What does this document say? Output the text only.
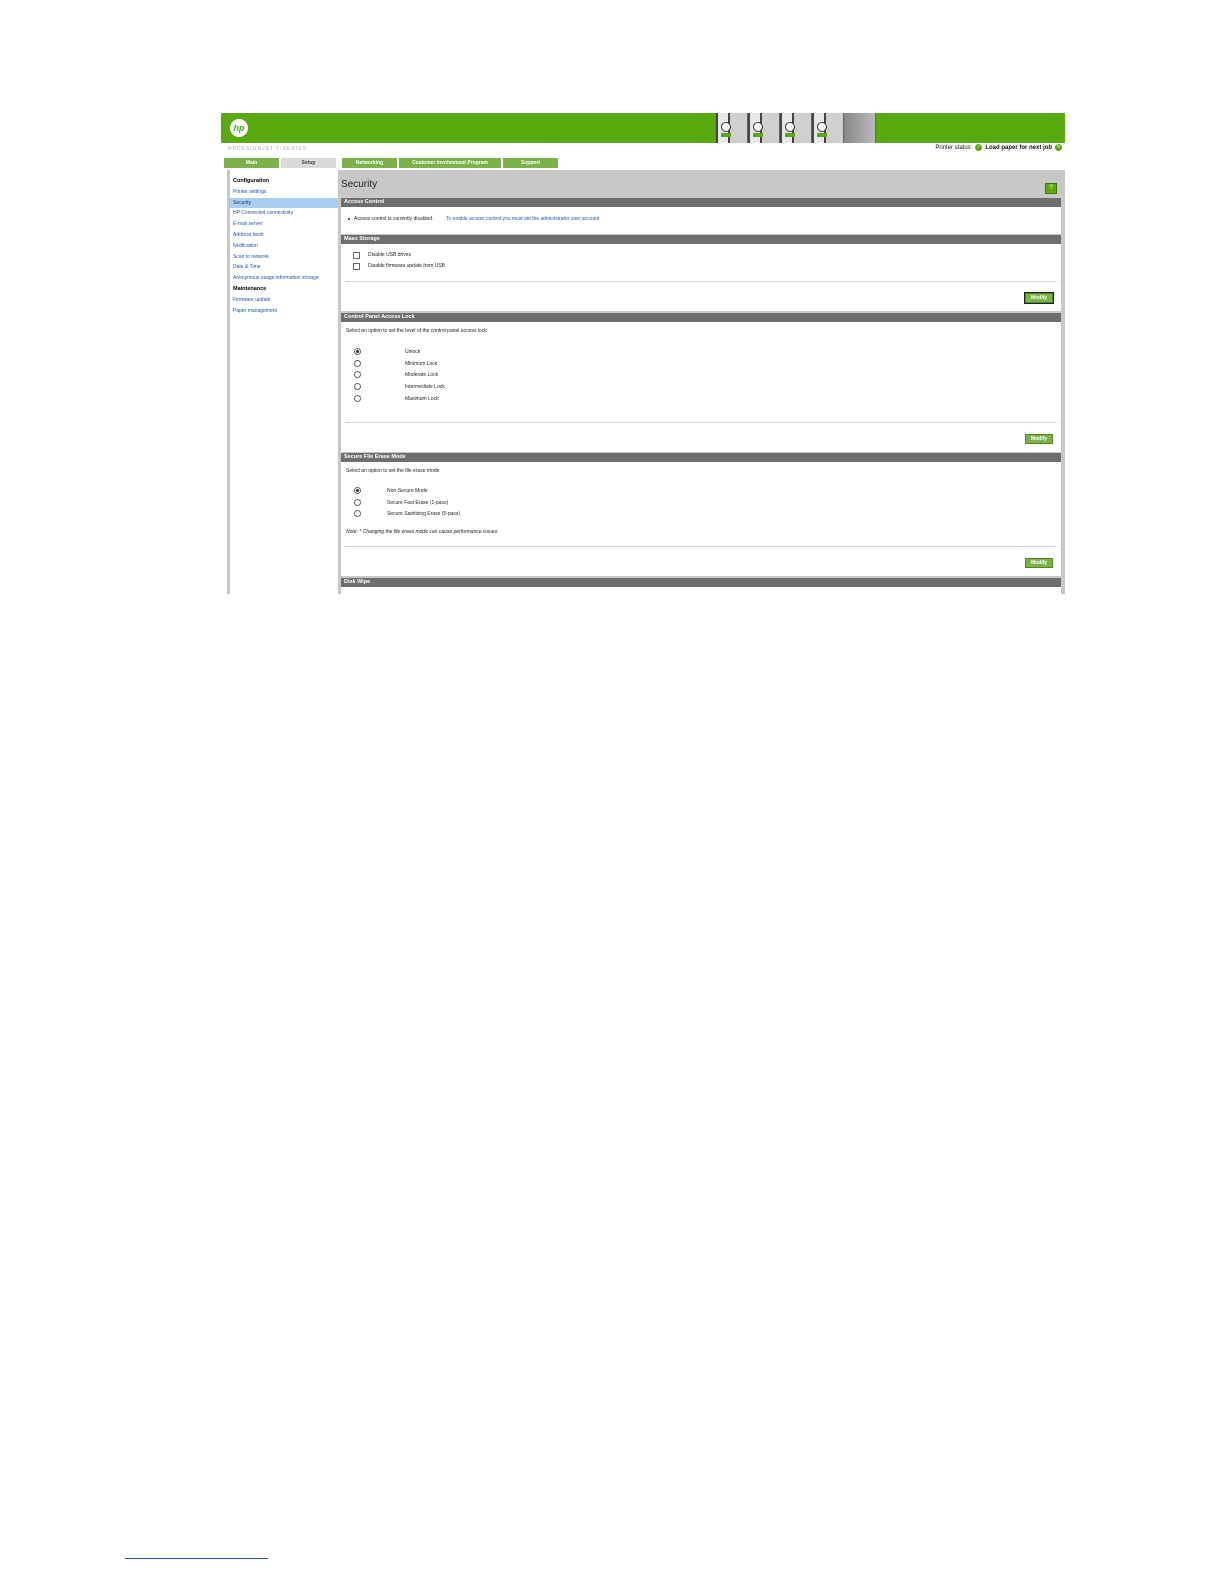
hp
HPDESIGNJET T-SERIES	Printer status: ✓ Load paper for next job ↻
Main	Setup	Networking	Customer Involvement Program	Support
Configuration
Printer settings
Security
HP Connected connectivity
E-mail server
Address book
Notification
Scan to network
Date & Time
Anonymous usage information storage
Maintenance
Firmware update
Paper management
Security	?
Access Control
Access control is currently disabled.	To enable access control you must set the administrator user account
Mass Storage
Disable USB drives
Disable firmware update from USB
Modify
Control Panel Access Lock
Select an option to set the level of the control panel access lock:
Unlock
Minimum Lock
Moderate Lock
Intermediate Lock
Maximum Lock
Modify
Secure File Erase Mode
Select an option to set the file erase mode
Non-Secure Mode
Secure Fast Erase (1-pass)
Secure Sanitizing Erase (5-pass)
Note: * Changing the file erase mode can cause performance issues.
Modify
Disk Wipe
